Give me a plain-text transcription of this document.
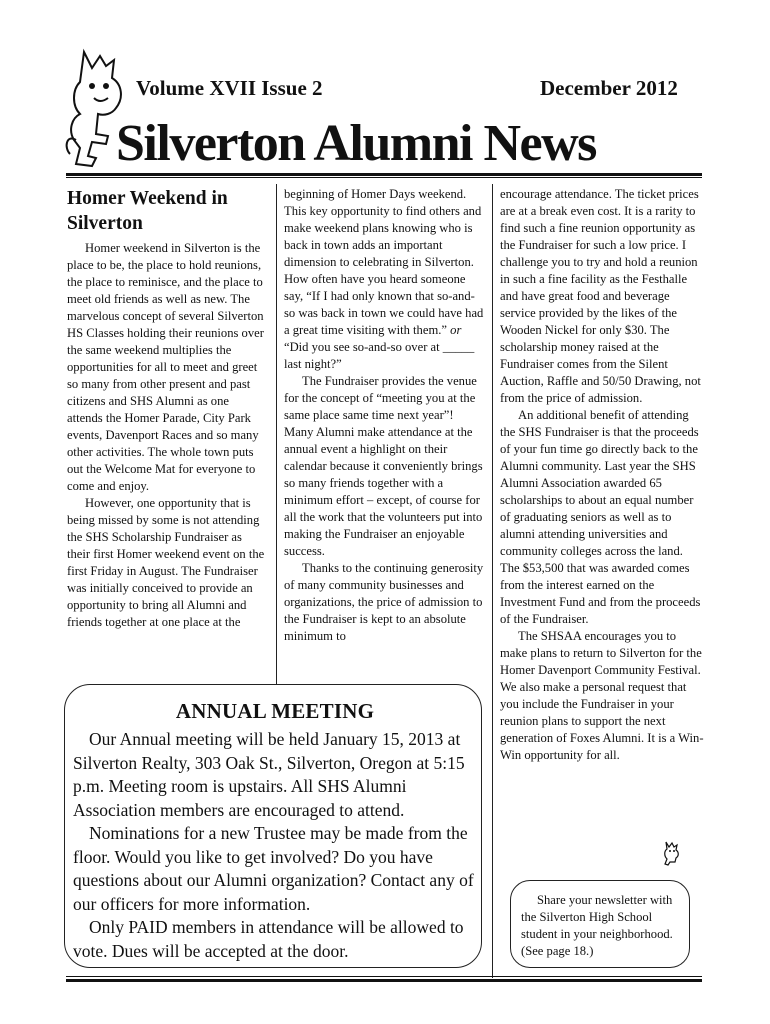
Volume XVII Issue 2	December 2012
Silverton Alumni News
Homer Weekend in Silverton

Homer weekend in Silverton is the place to be, the place to hold reunions, the place to reminisce, and the place to meet old friends as well as new. The marvelous concept of several Silverton HS Classes holding their reunions over the same weekend multiplies the opportunities for all to meet and greet so many from other present and past citizens and SHS Alumni as one attends the Homer Parade, City Park events, Davenport Races and so many other activities. The whole town puts out the Welcome Mat for everyone to come and enjoy.

However, one opportunity that is being missed by some is not attending the SHS Scholarship Fundraiser as their first Homer weekend event on the first Friday in August. The Fundraiser was initially conceived to provide an opportunity to bring all Alumni and friends together at one place at the

beginning of Homer Days weekend. This key opportunity to find others and make weekend plans knowing who is back in town adds an important dimension to celebrating in Silverton. How often have you heard someone say, “If I had only known that so-and-so was back in town we could have had a great time visiting with them.” or “Did you see so-and-so over at _____ last night?”

The Fundraiser provides the venue for the concept of “meeting you at the same place same time next year”! Many Alumni make attendance at the annual event a highlight on their calendar because it conveniently brings so many friends together with a minimum effort – except, of course for all the work that the volunteers put into making the Fundraiser an enjoyable success.

Thanks to the continuing generosity of many community businesses and organizations, the price of admission to the Fundraiser is kept to an absolute minimum to

encourage attendance. The ticket prices are at a break even cost. It is a rarity to find such a fine reunion opportunity as the Fundraiser for such a low price. I challenge you to try and hold a reunion in such a fine facility as the Festhalle and have great food and beverage service provided by the likes of the Wooden Nickel for only $30. The scholarship money raised at the Fundraiser comes from the Silent Auction, Raffle and 50/50 Drawing, not from the price of admission.

An additional benefit of attending the SHS Fundraiser is that the proceeds of your fun time go directly back to the Alumni community. Last year the SHS Alumni Association awarded 65 scholarships to about an equal number of graduating seniors as well as to alumni attending universities and community colleges across the land. The $53,500 that was awarded comes from the interest earned on the Investment Fund and from the proceeds of the Fundraiser.

The SHSAA encourages you to make plans to return to Silverton for the Homer Davenport Community Festival. We also make a personal request that you include the Fundraiser in your reunion plans to support the next generation of Foxes Alumni. It is a Win-Win opportunity for all.

ANNUAL MEETING

Our Annual meeting will be held January 15, 2013 at Silverton Realty, 303 Oak St., Silverton, Oregon at 5:15 p.m. Meeting room is upstairs. All SHS Alumni Association members are encouraged to attend.

Nominations for a new Trustee may be made from the floor. Would you like to get involved? Do you have questions about our Alumni organization? Contact any of our officers for more information.

Only PAID members in attendance will be allowed to vote. Dues will be accepted at the door.

Share your newsletter with the Silverton High School student in your neighborhood. (See page 18.)
